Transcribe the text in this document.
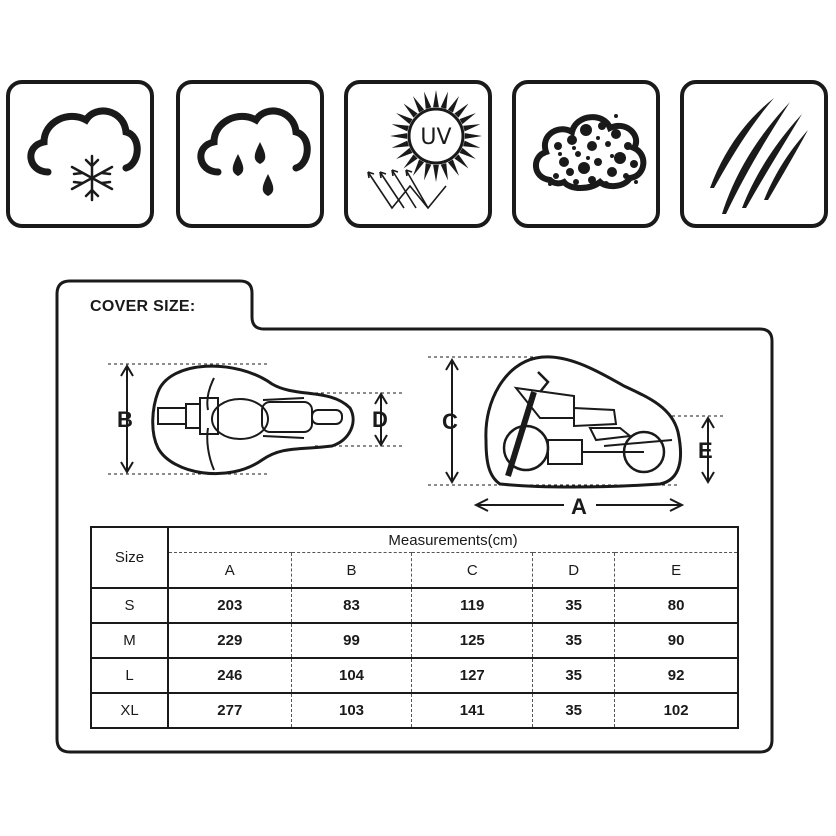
UV
COVER SIZE:
B	D C
E
A
Size	Measurements(cm)				
	A	B	C	D	E
S	203	83	119	35	80
M	229	99	125	35	90
L	246	104	127	35	92
XL	277	103	141	35	102
